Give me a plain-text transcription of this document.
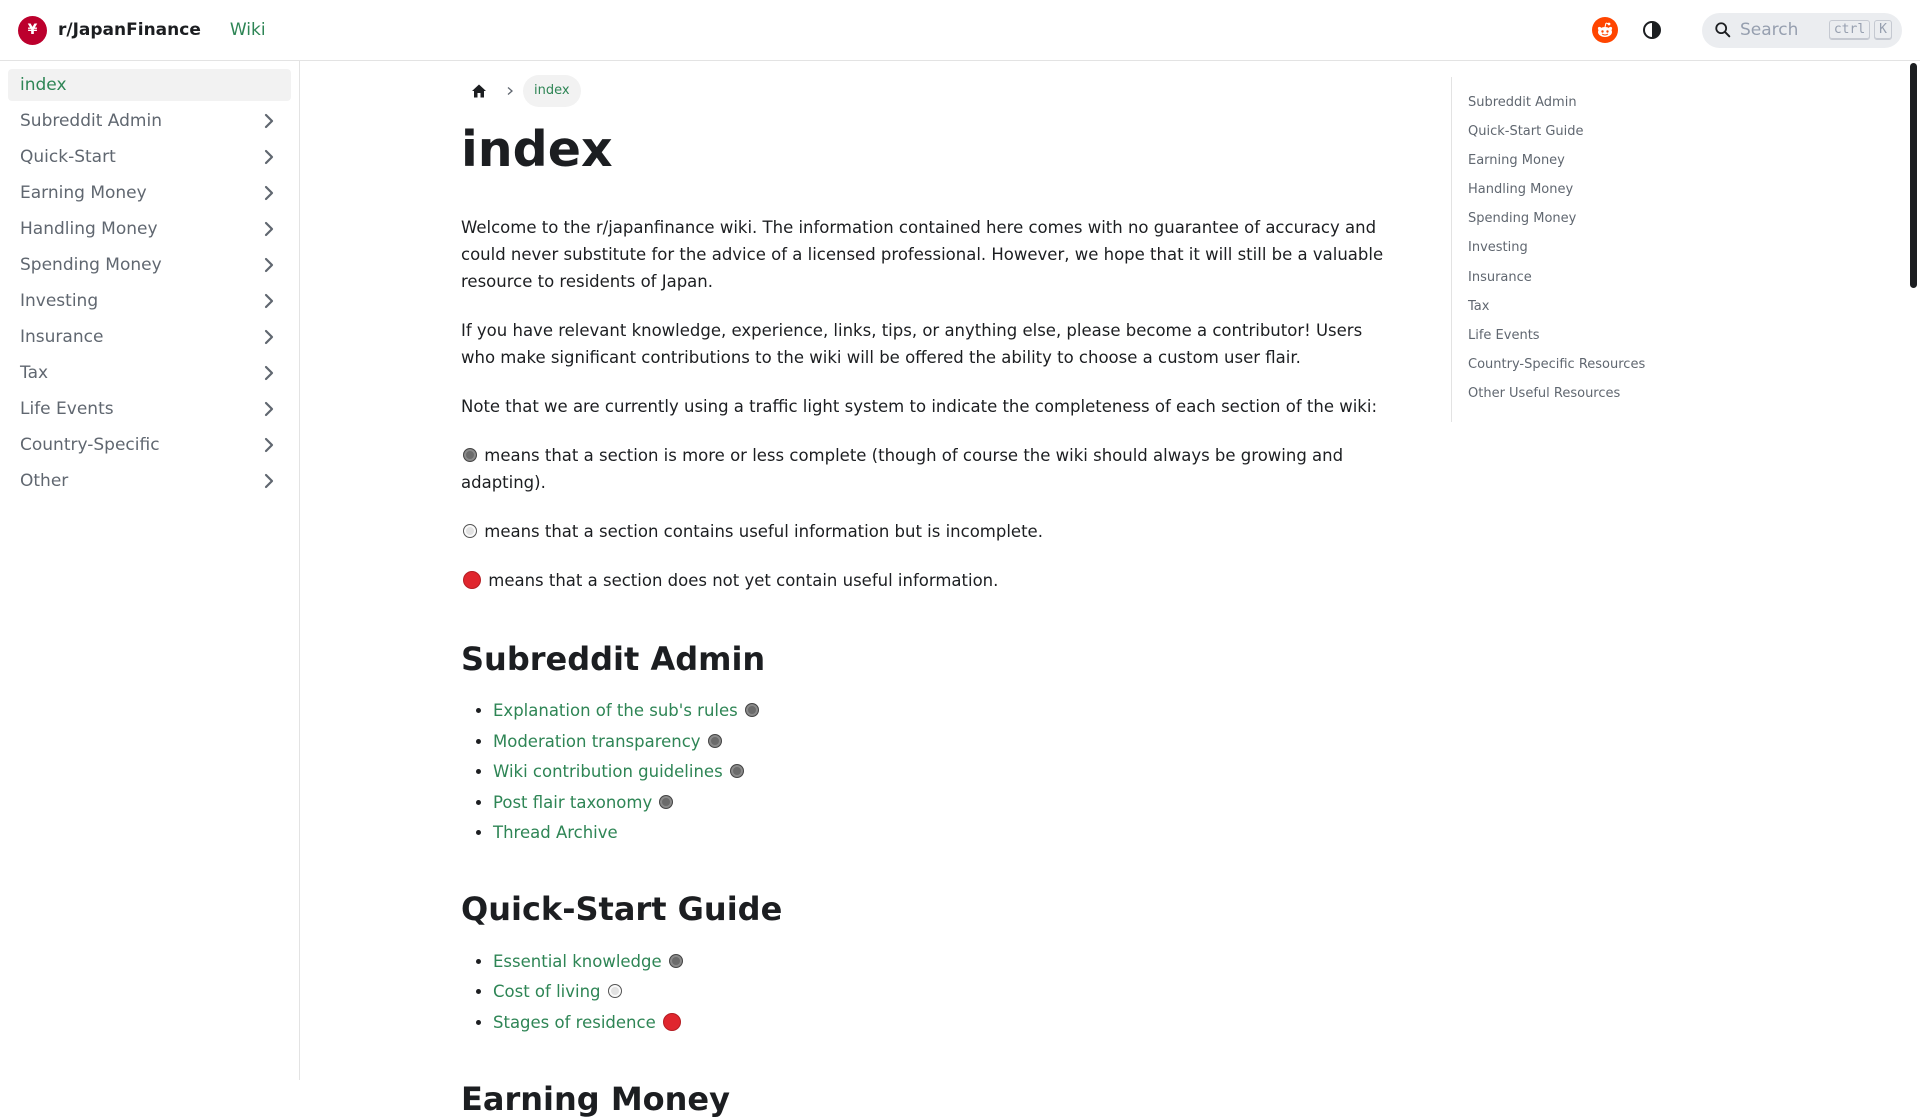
¥	r/JapanFinance Wiki
Search	ctrl	K
index
Subreddit Admin
Quick-Start
Earning Money
Handling Money
Spending Money
Investing
Insurance
Tax
Life Events
Country-Specific
Other
index
index

Welcome to the r/japanfinance wiki. The information contained here comes with no guarantee of accuracy and could never substitute for the advice of a licensed professional. However, we hope that it will still be a valuable resource to residents of Japan.

If you have relevant knowledge, experience, links, tips, or anything else, please become a contributor! Users who make significant contributions to the wiki will be offered the ability to choose a custom user flair.

Note that we are currently using a traffic light system to indicate the completeness of each section of the wiki:

means that a section is more or less complete (though of course the wiki should always be growing and adapting).

means that a section contains useful information but is incomplete.

means that a section does not yet contain useful information.

Subreddit Admin
• Explanation of the sub's rules
• Moderation transparency
• Wiki contribution guidelines
• Post flair taxonomy
• Thread Archive
Quick-Start Guide
• Essential knowledge
• Cost of living
• Stages of residence
Earning Money
Subreddit Admin
Quick-Start Guide
Earning Money
Handling Money
Spending Money
Investing
Insurance
Tax
Life Events
Country-Specific Resources
Other Useful Resources
